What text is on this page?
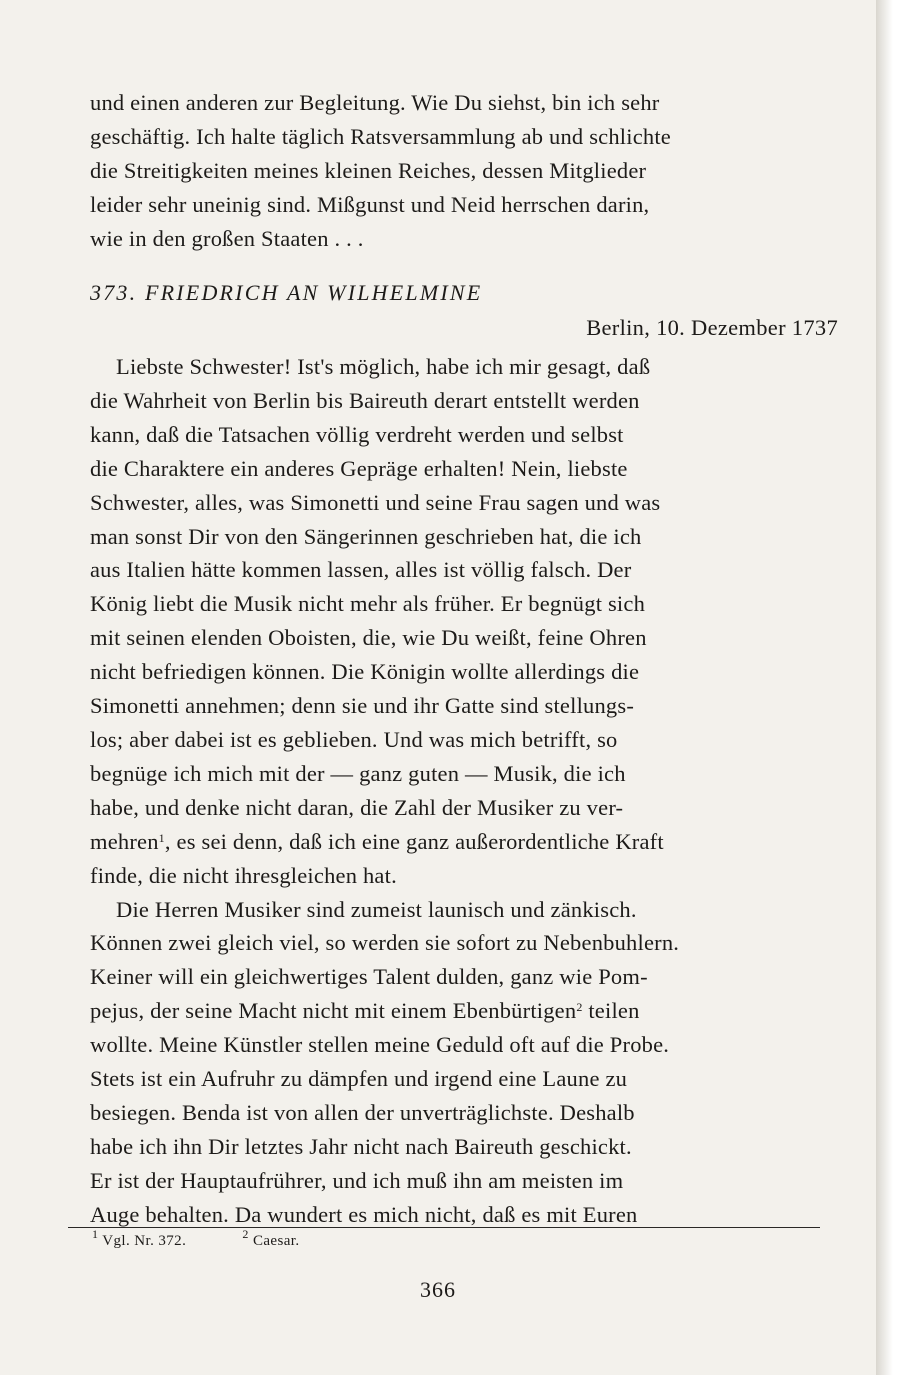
und einen anderen zur Begleitung. Wie Du siehst, bin ich sehr

geschäftig. Ich halte täglich Ratsversammlung ab und schlichte

die Streitigkeiten meines kleinen Reiches, dessen Mitglieder

leider sehr uneinig sind. Mißgunst und Neid herrschen darin,

wie in den großen Staaten . . .

373. FRIEDRICH AN WILHELMINE
Berlin, 10. Dezember 1737

Liebste Schwester! Ist's möglich, habe ich mir gesagt, daß

die Wahrheit von Berlin bis Baireuth derart entstellt werden

kann, daß die Tatsachen völlig verdreht werden und selbst

die Charaktere ein anderes Gepräge erhalten! Nein, liebste

Schwester, alles, was Simonetti und seine Frau sagen und was

man sonst Dir von den Sängerinnen geschrieben hat, die ich

aus Italien hätte kommen lassen, alles ist völlig falsch. Der

König liebt die Musik nicht mehr als früher. Er begnügt sich

mit seinen elenden Oboisten, die, wie Du weißt, feine Ohren

nicht befriedigen können. Die Königin wollte allerdings die

Simonetti annehmen; denn sie und ihr Gatte sind stellungs-

los; aber dabei ist es geblieben. Und was mich betrifft, so

begnüge ich mich mit der — ganz guten — Musik, die ich

habe, und denke nicht daran, die Zahl der Musiker zu ver-

mehren$^1$, es sei denn, daß ich eine ganz außerordentliche Kraft

finde, die nicht ihresgleichen hat.

Die Herren Musiker sind zumeist launisch und zänkisch.

Können zwei gleich viel, so werden sie sofort zu Nebenbuhlern.

Keiner will ein gleichwertiges Talent dulden, ganz wie Pom-

pejus, der seine Macht nicht mit einem Ebenbürtigen$^2$ teilen

wollte. Meine Künstler stellen meine Geduld oft auf die Probe.

Stets ist ein Aufruhr zu dämpfen und irgend eine Laune zu

besiegen. Benda ist von allen der unverträglichste. Deshalb

habe ich ihn Dir letztes Jahr nicht nach Baireuth geschickt.

Er ist der Hauptaufrührer, und ich muß ihn am meisten im

Auge behalten. Da wundert es mich nicht, daß es mit Euren

$^1$ Vgl. Nr. 372.	$^2$ Caesar.
366
